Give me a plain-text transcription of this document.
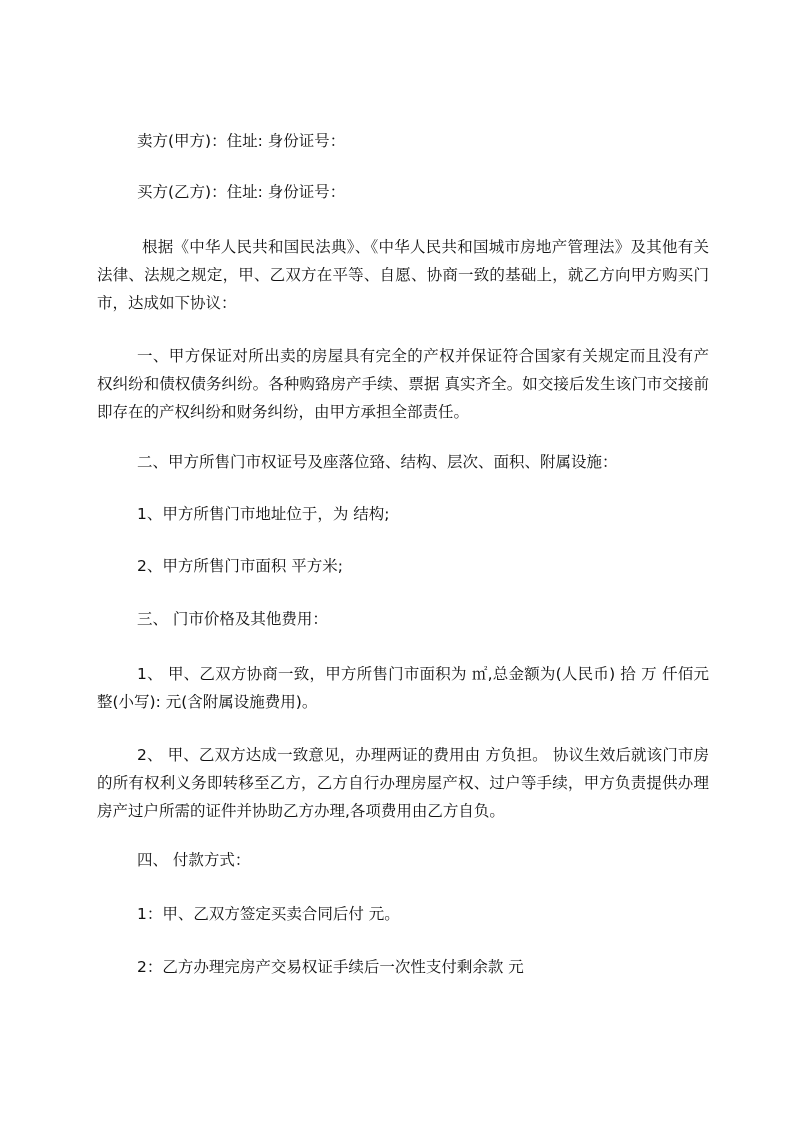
卖方(甲方)：住址: 身份证号：
买方(乙方)：住址: 身份证号：
根据《中华人民共和国民法典》、《中华人民共和国城市房地产管理法》及其他有关法律、法规之规定，甲、乙双方在平等、自愿、协商一致的基础上，就乙方向甲方购买门市，达成如下协议：
一、甲方保证对所出卖的房屋具有完全的产权并保证符合国家有关规定而且没有产权纠纷和债权债务纠纷。各种购臵房产手续、票据 真实齐全。如交接后发生该门市交接前即存在的产权纠纷和财务纠纷，由甲方承担全部责任。
二、甲方所售门市权证号及座落位臵、结构、层次、面积、附属设施：
1、甲方所售门市地址位于，为 结构;
2、甲方所售门市面积 平方米;
三、 门市价格及其他费用：
1、 甲、乙双方协商一致，甲方所售门市面积为 ㎡,总金额为(人民币) 拾 万 仟佰元整(小写): 元(含附属设施费用)。
2、 甲、乙双方达成一致意见，办理两证的费用由 方负担。 协议生效后就该门市房的所有权利义务即转移至乙方，乙方自行办理房屋产权、过户等手续，甲方负责提供办理房产过户所需的证件并协助乙方办理,各项费用由乙方自负。
四、 付款方式：
1：甲、乙双方签定买卖合同后付 元。
2：乙方办理完房产交易权证手续后一次性支付剩余款 元
